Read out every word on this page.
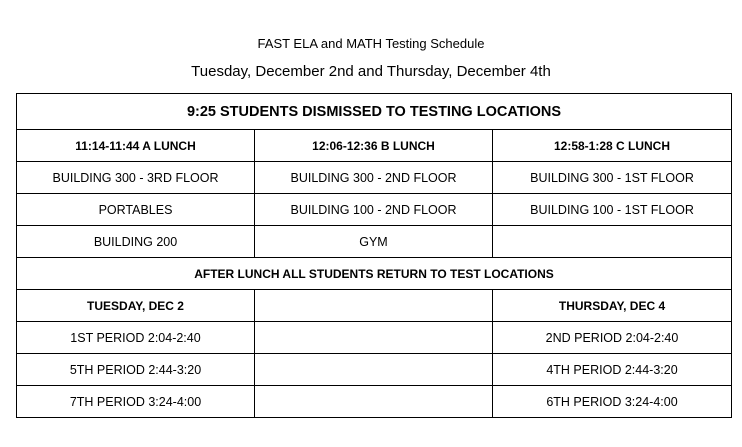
FAST ELA and MATH Testing Schedule
Tuesday, December 2nd and Thursday, December 4th
9:25 STUDENTS DISMISSED TO TESTING LOCATIONS		
11:14-11:44 A LUNCH	12:06-12:36 B LUNCH	12:58-1:28 C LUNCH
BUILDING 300 - 3RD FLOOR	BUILDING 300 - 2ND FLOOR	BUILDING 300 - 1ST FLOOR
PORTABLES	BUILDING 100 - 2ND FLOOR	BUILDING 100 - 1ST FLOOR
BUILDING 200	GYM	
AFTER LUNCH ALL STUDENTS RETURN TO TEST LOCATIONS		
TUESDAY, DEC 2		THURSDAY, DEC 4
1ST PERIOD 2:04-2:40		2ND PERIOD 2:04-2:40
5TH PERIOD 2:44-3:20		4TH PERIOD 2:44-3:20
7TH PERIOD 3:24-4:00		6TH PERIOD 3:24-4:00
